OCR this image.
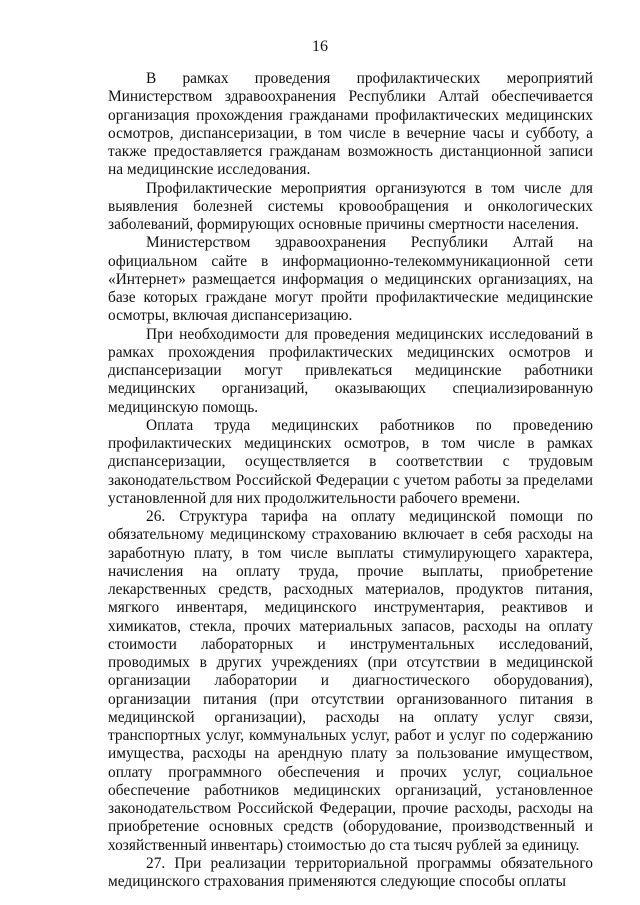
16

В рамках проведения профилактических мероприятий Министерством здравоохранения Республики Алтай обеспечивается организация прохождения гражданами профилактических медицинских осмотров, диспансеризации, в том числе в вечерние часы и субботу, а также предоставляется гражданам возможность дистанционной записи на медицинские исследования.

Профилактические мероприятия организуются в том числе для выявления болезней системы кровообращения и онкологических заболеваний, формирующих основные причины смертности населения.

Министерством здравоохранения Республики Алтай на официальном сайте в информационно-телекоммуникационной сети «Интернет» размещается информация о медицинских организациях, на базе которых граждане могут пройти профилактические медицинские осмотры, включая диспансеризацию.

При необходимости для проведения медицинских исследований в рамках прохождения профилактических медицинских осмотров и диспансеризации могут привлекаться медицинские работники медицинских организаций, оказывающих специализированную медицинскую помощь.

Оплата труда медицинских работников по проведению профилактических медицинских осмотров, в том числе в рамках диспансеризации, осуществляется в соответствии с трудовым законодательством Российской Федерации с учетом работы за пределами установленной для них продолжительности рабочего времени.

26. Структура тарифа на оплату медицинской помощи по обязательному медицинскому страхованию включает в себя расходы на заработную плату, в том числе выплаты стимулирующего характера, начисления на оплату труда, прочие выплаты, приобретение лекарственных средств, расходных материалов, продуктов питания, мягкого инвентаря, медицинского инструментария, реактивов и химикатов, стекла, прочих материальных запасов, расходы на оплату стоимости лабораторных и инструментальных исследований, проводимых в других учреждениях (при отсутствии в медицинской организации лаборатории и диагностического оборудования), организации питания (при отсутствии организованного питания в медицинской организации), расходы на оплату услуг связи, транспортных услуг, коммунальных услуг, работ и услуг по содержанию имущества, расходы на арендную плату за пользование имуществом, оплату программного обеспечения и прочих услуг, социальное обеспечение работников медицинских организаций, установленное законодательством Российской Федерации, прочие расходы, расходы на приобретение основных средств (оборудование, производственный и хозяйственный инвентарь) стоимостью до ста тысяч рублей за единицу.

27. При реализации территориальной программы обязательного медицинского страхования применяются следующие способы оплаты
